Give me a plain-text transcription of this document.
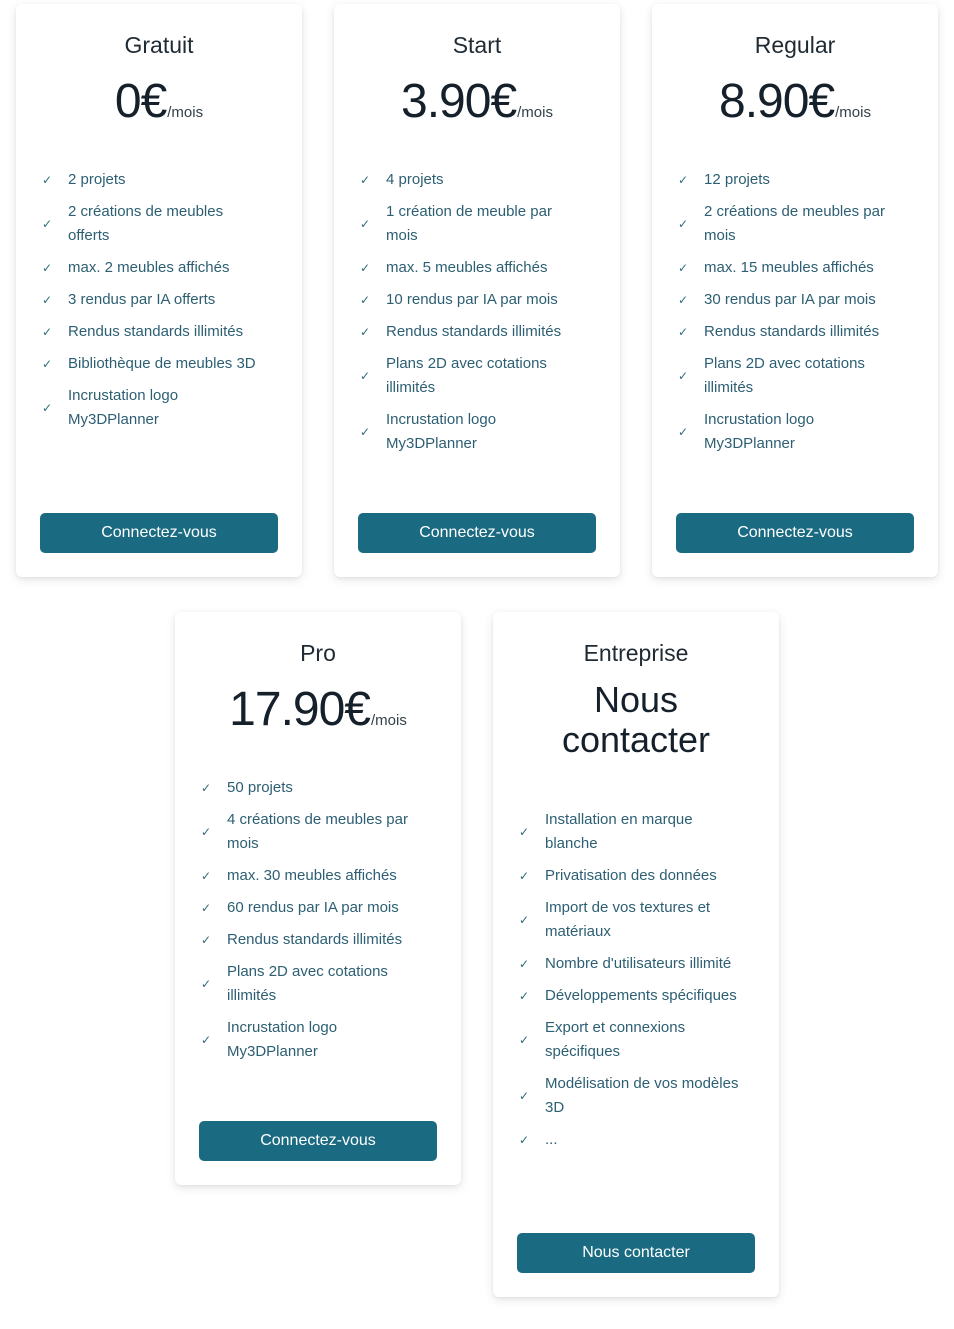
Gratuit
0€/mois
✓	2 projets
✓
2 créations de meubles offerts
✓	max. 2 meubles affichés
✓	3 rendus par IA offerts
✓	Rendus standards illimités
✓	Bibliothèque de meubles 3D
✓
Incrustation logo My3DPlanner
Connectez-vous
Start
3.90€/mois
✓	4 projets
✓
1 création de meuble par mois
✓	max. 5 meubles affichés
✓	10 rendus par IA par mois
✓	Rendus standards illimités
✓
Plans 2D avec cotations illimités
✓
Incrustation logo My3DPlanner
Connectez-vous
Regular
8.90€/mois
✓	12 projets
✓
2 créations de meubles par mois
✓	max. 15 meubles affichés
✓	30 rendus par IA par mois
✓	Rendus standards illimités
✓
Plans 2D avec cotations illimités
✓
Incrustation logo My3DPlanner
Connectez-vous
Pro
17.90€/mois
✓	50 projets
✓
4 créations de meubles par mois
✓	max. 30 meubles affichés
✓	60 rendus par IA par mois
✓	Rendus standards illimités
✓
Plans 2D avec cotations illimités
✓
Incrustation logo My3DPlanner
Connectez-vous
Entreprise
Nous contacter
✓
Installation en marque blanche
✓	Privatisation des données
✓
Import de vos textures et matériaux
✓	Nombre d'utilisateurs illimité
✓	Développements spécifiques
✓
Export et connexions spécifiques
✓
Modélisation de vos modèles 3D
✓	...
Nous contacter
